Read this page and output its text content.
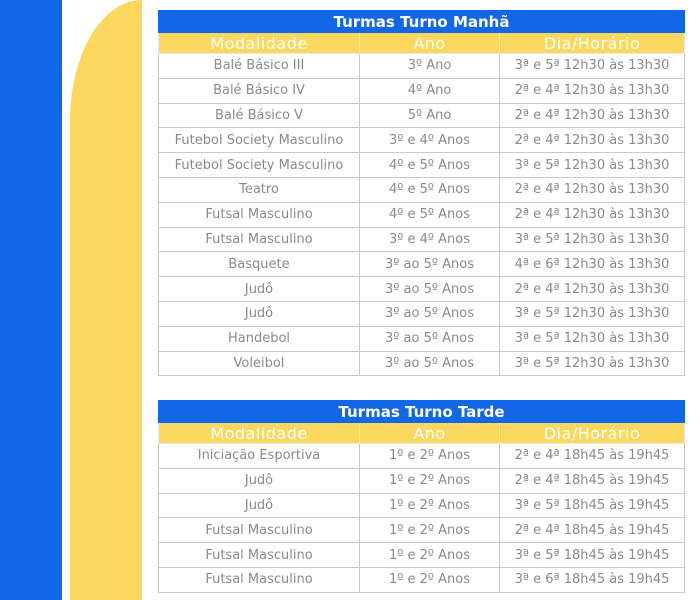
Turmas Turno Manhã		
Modalidade	Ano	Dia/Horário
Balé Básico III	3º Ano	3ª e 5ª 12h30 às 13h30
Balé Básico IV	4º Ano	2ª e 4ª 12h30 às 13h30
Balé Básico V	5º Ano	2ª e 4ª 12h30 às 13h30
Futebol Society Masculino	3º e 4º Anos	2ª e 4ª 12h30 às 13h30
Futebol Society Masculino	4º e 5º Anos	3ª e 5ª 12h30 às 13h30
Teatro	4º e 5º Anos	2ª e 4ª 12h30 às 13h30
Futsal Masculino	4º e 5º Anos	2ª e 4ª 12h30 às 13h30
Futsal Masculino	3º e 4º Anos	3ª e 5ª 12h30 às 13h30
Basquete	3º ao 5º Anos	4ª e 6ª 12h30 às 13h30
Judô	3º ao 5º Anos	2ª e 4ª 12h30 às 13h30
Judô	3º ao 5º Anos	3ª e 5ª 12h30 às 13h30
Handebol	3º ao 5º Anos	3ª e 5ª 12h30 às 13h30
Voleibol	3º ao 5º Anos	3ª e 5ª 12h30 às 13h30
Turmas Turno Tarde		
Modalidade	Ano	Dia/Horário
Iniciação Esportiva	1º e 2º Anos	2ª e 4ª 18h45 às 19h45
Judô	1º e 2º Anos	2ª e 4ª 18h45 às 19h45
Judô	1º e 2º Anos	3ª e 5ª 18h45 às 19h45
Futsal Masculino	1º e 2º Anos	2ª e 4ª 18h45 às 19h45
Futsal Masculino	1º e 2º Anos	3ª e 5ª 18h45 às 19h45
Futsal Masculino	1º e 2º Anos	3ª e 6ª 18h45 às 19h45
